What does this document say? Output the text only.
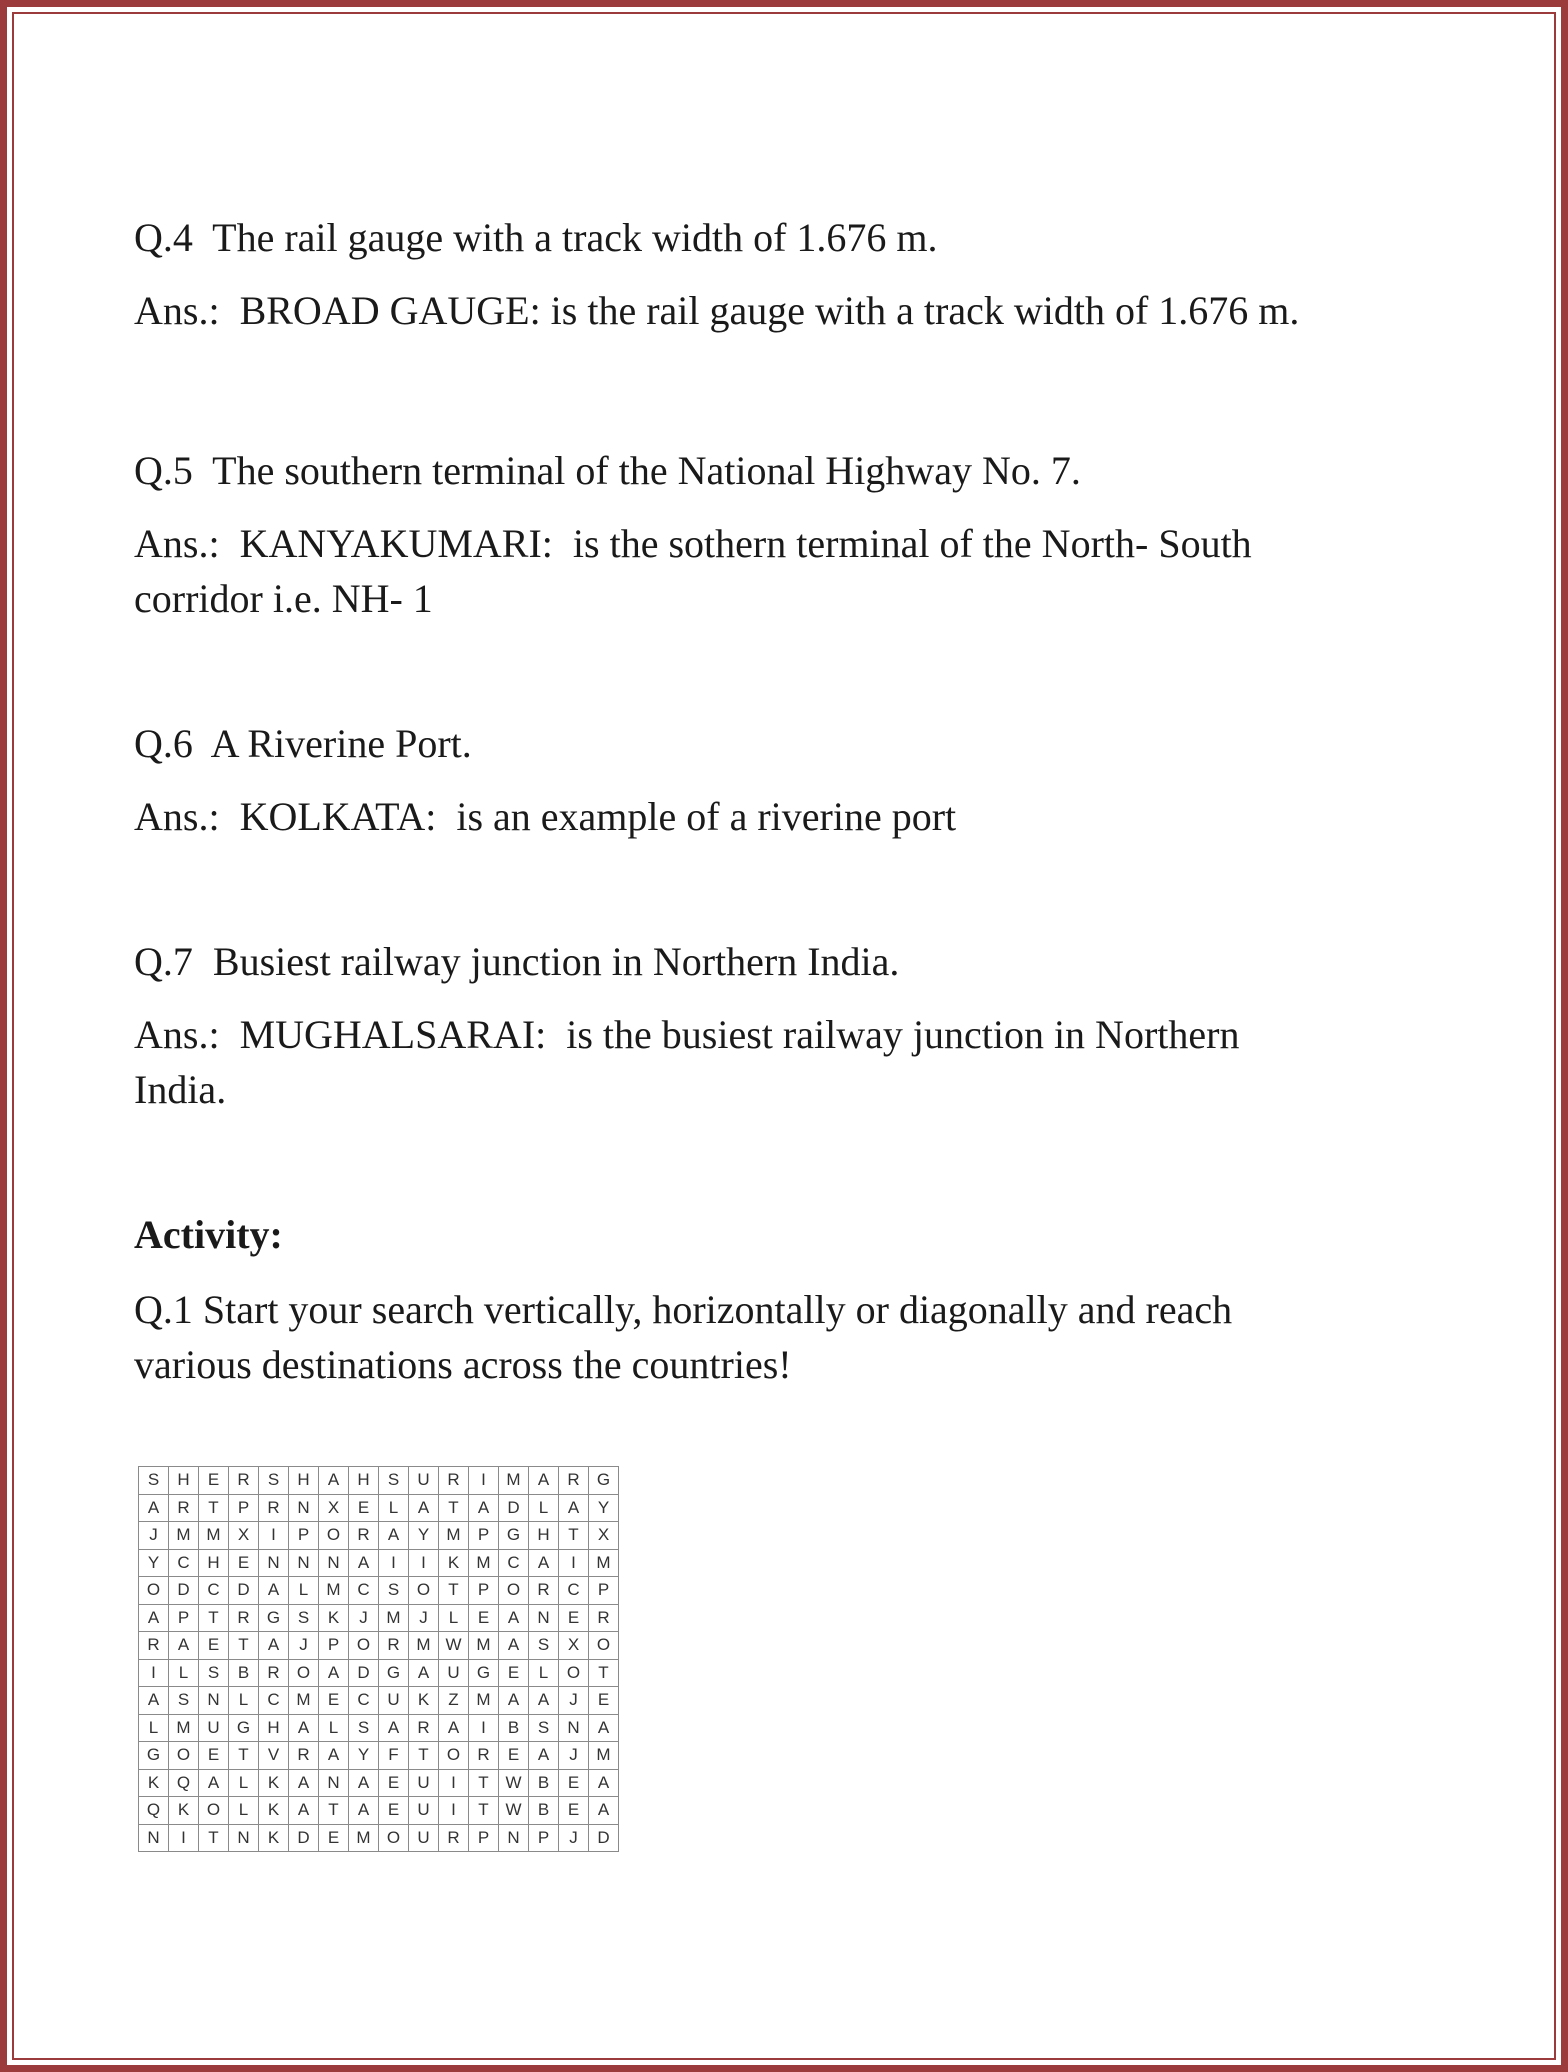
Q.4  The rail gauge with a track width of 1.676 m.

Ans.:  BROAD GAUGE: is the rail gauge with a track width of 1.676 m.

Q.5  The southern terminal of the National Highway No. 7.

Ans.:  KANYAKUMARI:  is the sothern terminal of the North- South

corridor i.e. NH- 1

Q.6  A Riverine Port.

Ans.:  KOLKATA:  is an example of a riverine port

Q.7  Busiest railway junction in Northern India.

Ans.:  MUGHALSARAI:  is the busiest railway junction in Northern

India.

Activity:

Q.1 Start your search vertically, horizontally or diagonally and reach

various destinations across the countries!

S	H	E	R	S	H	A	H	S	U	R	I	M	A	R	G
A	R	T	P	R	N	X	E	L	A	T	A	D	L	A	Y
J	M	M	X	I	P	O	R	A	Y	M	P	G	H	T	X
Y	C	H	E	N	N	N	A	I	I	K	M	C	A	I	M
O	D	C	D	A	L	M	C	S	O	T	P	O	R	C	P
A	P	T	R	G	S	K	J	M	J	L	E	A	N	E	R
R	A	E	T	A	J	P	O	R	M	W	M	A	S	X	O
I	L	S	B	R	O	A	D	G	A	U	G	E	L	O	T
A	S	N	L	C	M	E	C	U	K	Z	M	A	A	J	E
L	M	U	G	H	A	L	S	A	R	A	I	B	S	N	A
G	O	E	T	V	R	A	Y	F	T	O	R	E	A	J	M
K	Q	A	L	K	A	N	A	E	U	I	T	W	B	E	A
Q	K	O	L	K	A	T	A	E	U	I	T	W	B	E	A
N	I	T	N	K	D	E	M	O	U	R	P	N	P	J	D
